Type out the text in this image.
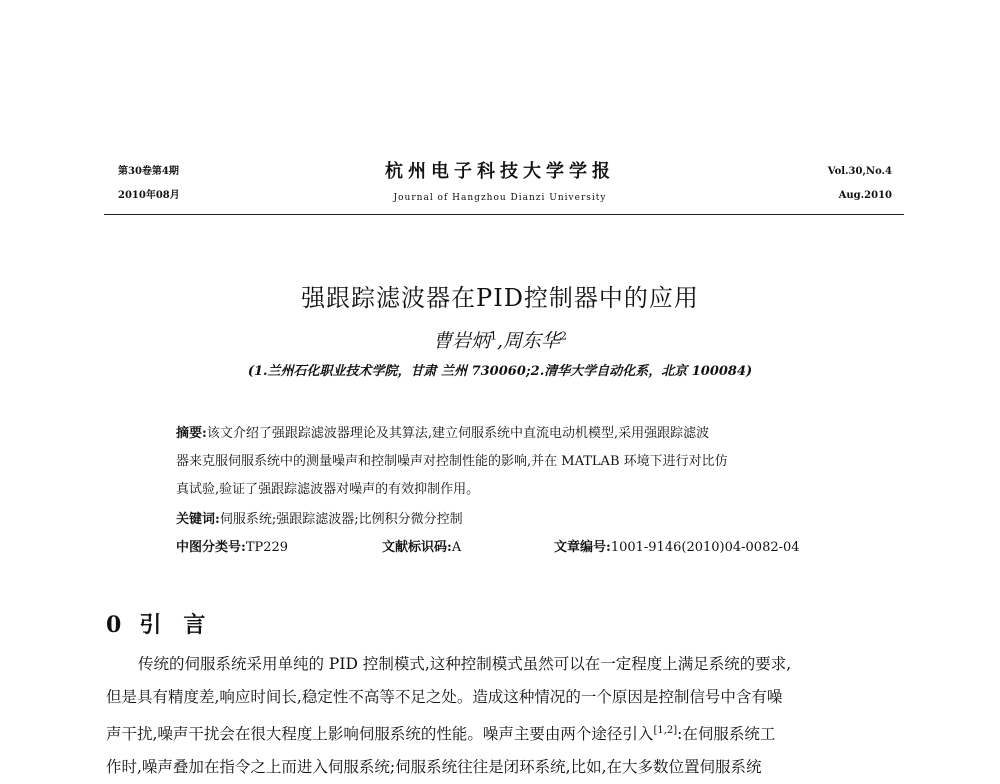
第30卷第4期
2010年08月
杭州电子科技大学学报
Journal of Hangzhou Dianzi University
Vol.30,No.4
Aug.2010
强跟踪滤波器在PID控制器中的应用
曹岩炳$^1$,周东华$^2$
(1.兰州石化职业技术学院，甘肃 兰州 730060;2.清华大学自动化系，北京 100084)
摘要:该文介绍了强跟踪滤波器理论及其算法,建立伺服系统中直流电动机模型,采用强跟踪滤波
器来克服伺服系统中的测量噪声和控制噪声对控制性能的影响,并在 MATLAB 环境下进行对比仿
真试验,验证了强跟踪滤波器对噪声的有效抑制作用。
关键词:伺服系统;强跟踪滤波器;比例积分微分控制
中图分类号:TP229	文献标识码:A	文章编号:1001-9146(2010)04-0082-04
0 引言
传统的伺服系统采用单纯的 PID 控制模式,这种控制模式虽然可以在一定程度上满足系统的要求,
但是具有精度差,响应时间长,稳定性不高等不足之处。造成这种情况的一个原因是控制信号中含有噪
声干扰,噪声干扰会在很大程度上影响伺服系统的性能。噪声主要由两个途径引入[1,2]:在伺服系统工
作时,噪声叠加在指令之上而进入伺服系统;伺服系统往往是闭环系统,比如,在大多数位置伺服系统
